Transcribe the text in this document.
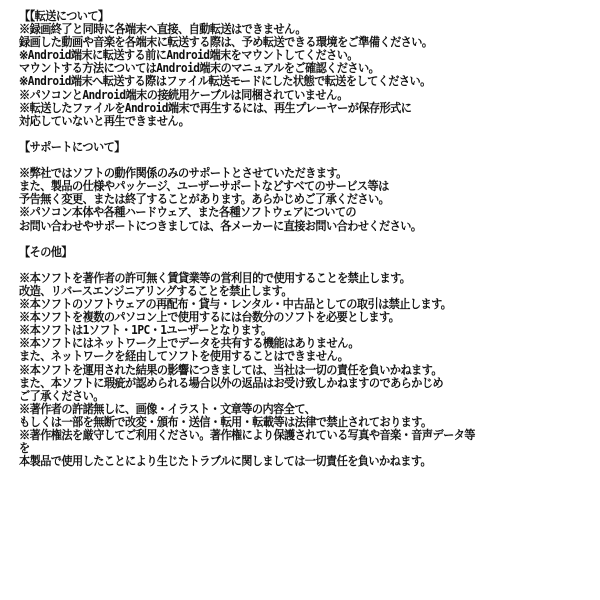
【【転送について】
※録画終了と同時に各端末へ直接、自動転送はできません。
録画した動画や音楽を各端末に転送する際は、予め転送できる環境をご準備ください。
※Android端末に転送する前にAndroid端末をマウントしてください。
マウントする方法についてはAndroid端末のマニュアルをご確認ください。
※Android端末へ転送する際はファイル転送モードにした状態で転送をしてください。
※パソコンとAndroid端末の接続用ケーブルは同梱されていません。
※転送したファイルをAndroid端末で再生するには、再生プレーヤーが保存形式に
対応していないと再生できません。
【サポートについて】
※弊社ではソフトの動作関係のみのサポートとさせていただきます。
また、製品の仕様やパッケージ、ユーザーサポートなどすべてのサービス等は
予告無く変更、または終了することがあります。あらかじめご了承ください。
※パソコン本体や各種ハードウェア、また各種ソフトウェアについての
お問い合わせやサポートにつきましては、各メーカーに直接お問い合わせください。
【その他】
※本ソフトを著作者の許可無く賃貸業等の営利目的で使用することを禁止します。
改造、リバースエンジニアリングすることを禁止します。
※本ソフトのソフトウェアの再配布・貸与・レンタル・中古品としての取引は禁止します。
※本ソフトを複数のパソコン上で使用するには台数分のソフトを必要とします。
※本ソフトは1ソフト・1PC・1ユーザーとなります。
※本ソフトにはネットワーク上でデータを共有する機能はありません。
また、ネットワークを経由してソフトを使用することはできません。
※本ソフトを運用された結果の影響につきましては、当社は一切の責任を負いかねます。
また、本ソフトに瑕疵が認められる場合以外の返品はお受け致しかねますのであらかじめ
ご了承ください。
※著作者の許諾無しに、画像・イラスト・文章等の内容全て、
もしくは一部を無断で改変・頒布・送信・転用・転載等は法律で禁止されております。
※著作権法を厳守してご利用ください。著作権により保護されている写真や音楽・音声データ等
を
本製品で使用したことにより生じたトラブルに関しましては一切責任を負いかねます。
